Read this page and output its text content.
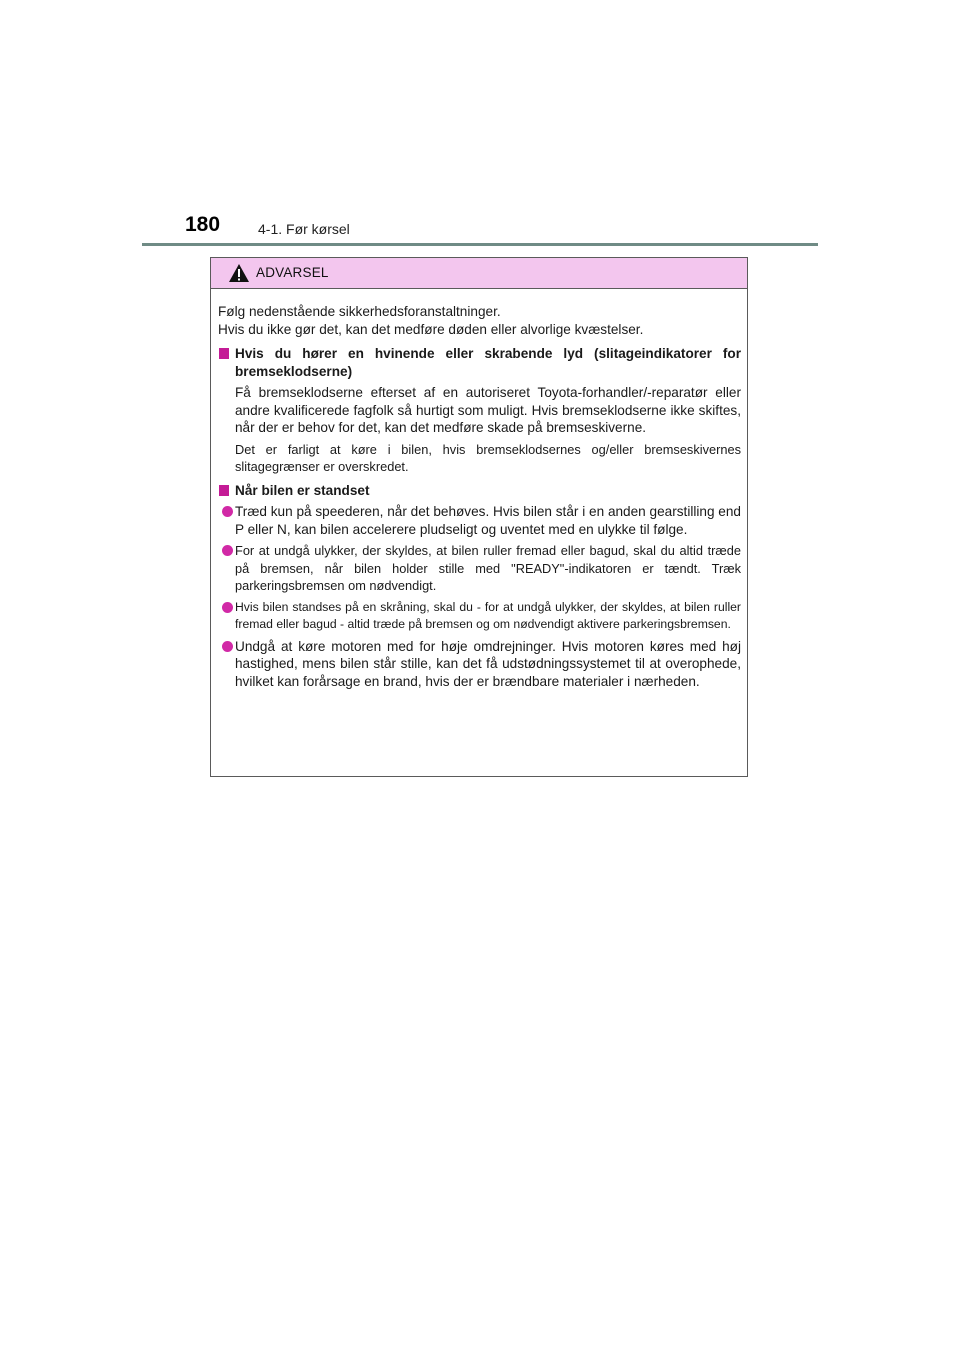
180	4-1. Før kørsel
ADVARSEL
Følg nedenstående sikkerhedsforanstaltninger.
Hvis du ikke gør det, kan det medføre døden eller alvorlige kvæstelser.
Hvis du hører en hvinende eller skrabende lyd (slitageindikatorer for bremseklodserne)
Få bremseklodserne efterset af en autoriseret Toyota-forhandler/-reparatør eller andre kvalificerede fagfolk så hurtigt som muligt. Hvis bremseklodserne ikke skiftes, når der er behov for det, kan det medføre skade på bremseskiverne.
Det er farligt at køre i bilen, hvis bremseklodsernes og/eller bremseskivernes slitagegrænser er overskredet.
Når bilen er standset
Træd kun på speederen, når det behøves. Hvis bilen står i en anden gearstilling end P eller N, kan bilen accelerere pludseligt og uventet med en ulykke til følge.
For at undgå ulykker, der skyldes, at bilen ruller fremad eller bagud, skal du altid træde på bremsen, når bilen holder stille med "READY"-indikatoren er tændt. Træk parkeringsbremsen om nødvendigt.
Hvis bilen standses på en skråning, skal du - for at undgå ulykker, der skyldes, at bilen ruller fremad eller bagud - altid træde på bremsen og om nødvendigt aktivere parkeringsbremsen.
Undgå at køre motoren med for høje omdrejninger. Hvis motoren køres med høj hastighed, mens bilen står stille, kan det få udstødningssystemet til at overophede, hvilket kan forårsage en brand, hvis der er brændbare materialer i nærheden.
